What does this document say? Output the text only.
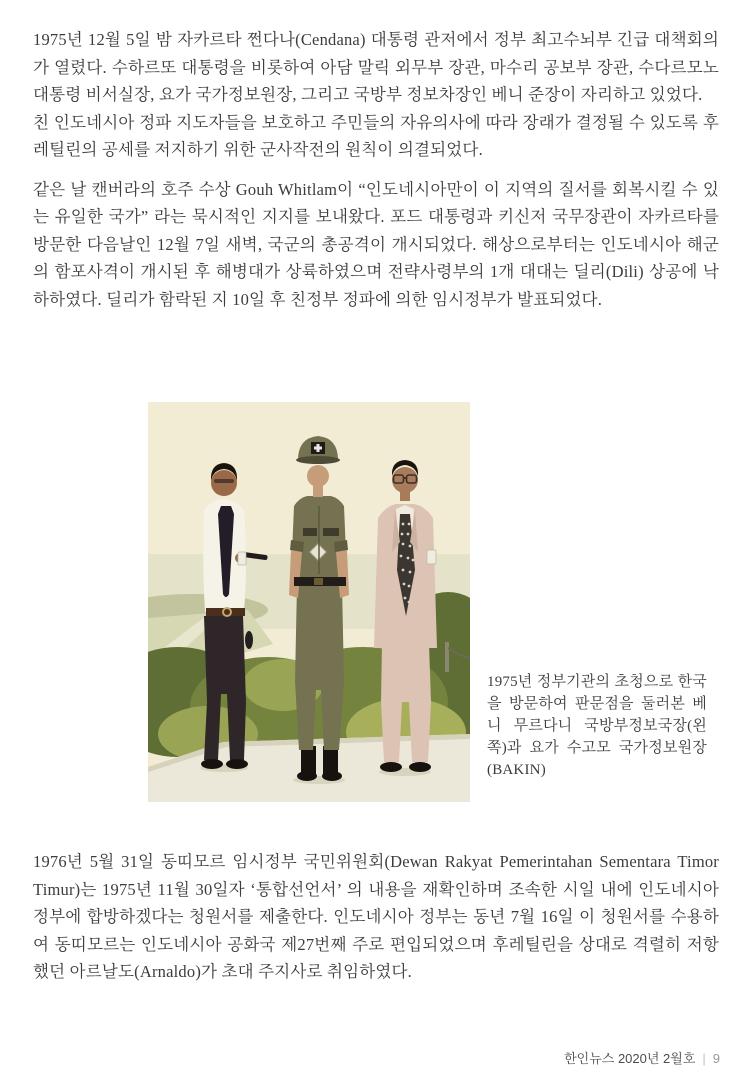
1975년 12월 5일 밤 자카르타 쩐다나(Cendana) 대통령 관저에서 정부 최고수뇌부 긴급 대책회의가 열렸다. 수하르또 대통령을 비롯하여 아담 말릭 외무부 장관, 마수리 공보부 장관, 수다르모노 대통령 비서실장, 요가 국가정보원장, 그리고 국방부 정보차장인 베니 준장이 자리하고 있었다.

친 인도네시아 정파 지도자들을 보호하고 주민들의 자유의사에 따라 장래가 결정될 수 있도록 후레틸린의 공세를 저지하기 위한 군사작전의 원칙이 의결되었다.

같은 날 캔버라의 호주 수상 Gouh Whitlam이 “인도네시아만이 이 지역의 질서를 회복시킬 수 있는 유일한 국가” 라는 묵시적인 지지를 보내왔다. 포드 대통령과 키신저 국무장관이 자카르타를 방문한 다음날인 12월 7일 새벽, 국군의 총공격이 개시되었다. 해상으로부터는 인도네시아 해군의 함포사격이 개시된 후 해병대가 상륙하였으며 전략사령부의 1개 대대는 딜리(Dili) 상공에 낙하하였다. 딜리가 함락된 지 10일 후 친정부 정파에 의한 임시정부가 발표되었다.

1975년 정부기관의 초청으로 한국을 방문하여 판문점을 둘러본 베니 무르다니 국방부정보국장(왼쪽)과 요가 수고모 국가정보원장(BAKIN)

1976년 5월 31일 동띠모르 임시정부 국민위원회(Dewan Rakyat Pemerintahan Sementara Timor Timur)는 1975년 11월 30일자 ‘통합선언서’ 의 내용을 재확인하며 조속한 시일 내에 인도네시아 정부에 합방하겠다는 청원서를 제출한다. 인도네시아 정부는 동년 7월 16일 이 청원서를 수용하여 동띠모르는 인도네시아 공화국 제27번째 주로 편입되었으며 후레틸린을 상대로 격렬히 저항했던 아르날도(Arnaldo)가 초대 주지사로 취임하였다.

한인뉴스 2020년 2월호 | 9
